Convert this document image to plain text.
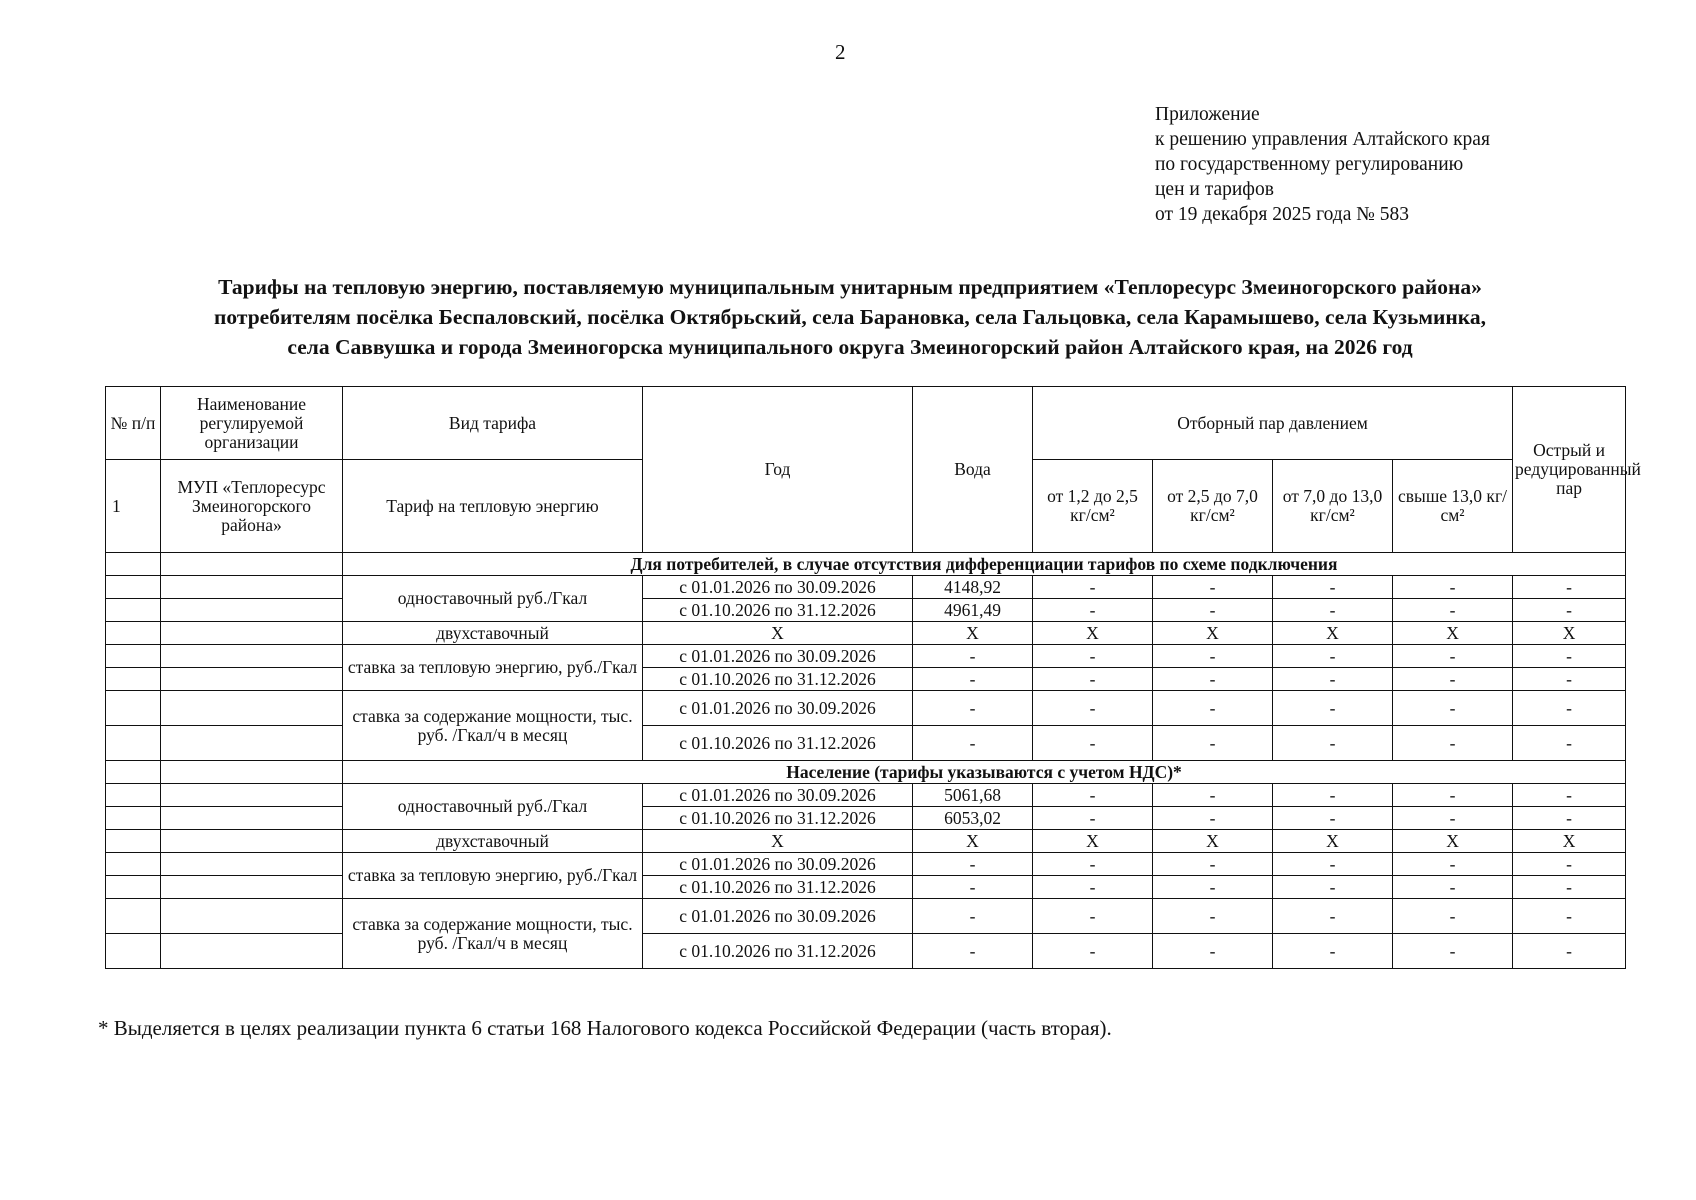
2
Приложение
к решению управления Алтайского края
по государственному регулированию
цен и тарифов
от 19 декабря 2025 года № 583
Тарифы на тепловую энергию, поставляемую муниципальным унитарным предприятием «Теплоресурс Змеиногорского района»
потребителям посёлка Беспаловский, посёлка Октябрьский, села Барановка, села Гальцовка, села Карамышево, села Кузьминка,
села Саввушка и города Змеиногорска муниципального округа Змеиногорский район Алтайского края, на 2026 год
№ п/п	Наименование регулируемой организации	Вид тарифа	Год	Вода	Отборный пар давлением				Острый и редуцированный пар
1	МУП «Теплоресурс Змеиногорского района»	Тариф на тепловую энергию			от 1,2 до 2,5 кг/см²	от 2,5 до 7,0 кг/см²	от 7,0 до 13,0 кг/см²	свыше 13,0 кг/см²	
		Для потребителей, в случае отсутствия дифференциации тарифов по схеме подключения							
		одноставочный руб./Гкал	с 01.01.2026 по 30.09.2026	4148,92	-	-	-	-	-
			с 01.10.2026 по 31.12.2026	4961,49	-	-	-	-	-
		двухставочный	X	X	X	X	X	X	X
		ставка за тепловую энергию, руб./Гкал	с 01.01.2026 по 30.09.2026	-	-	-	-	-	-
			с 01.10.2026 по 31.12.2026	-	-	-	-	-	-
		ставка за содержание мощности, тыс. руб. /Гкал/ч в месяц	с 01.01.2026 по 30.09.2026	-	-	-	-	-	-
			с 01.10.2026 по 31.12.2026	-	-	-	-	-	-
		Население (тарифы указываются с учетом НДС)*							
		одноставочный руб./Гкал	с 01.01.2026 по 30.09.2026	5061,68	-	-	-	-	-
			с 01.10.2026 по 31.12.2026	6053,02	-	-	-	-	-
		двухставочный	X	X	X	X	X	X	X
		ставка за тепловую энергию, руб./Гкал	с 01.01.2026 по 30.09.2026	-	-	-	-	-	-
			с 01.10.2026 по 31.12.2026	-	-	-	-	-	-
		ставка за содержание мощности, тыс. руб. /Гкал/ч в месяц	с 01.01.2026 по 30.09.2026	-	-	-	-	-	-
			с 01.10.2026 по 31.12.2026	-	-	-	-	-	-
* Выделяется в целях реализации пункта 6 статьи 168 Налогового кодекса Российской Федерации (часть вторая).
